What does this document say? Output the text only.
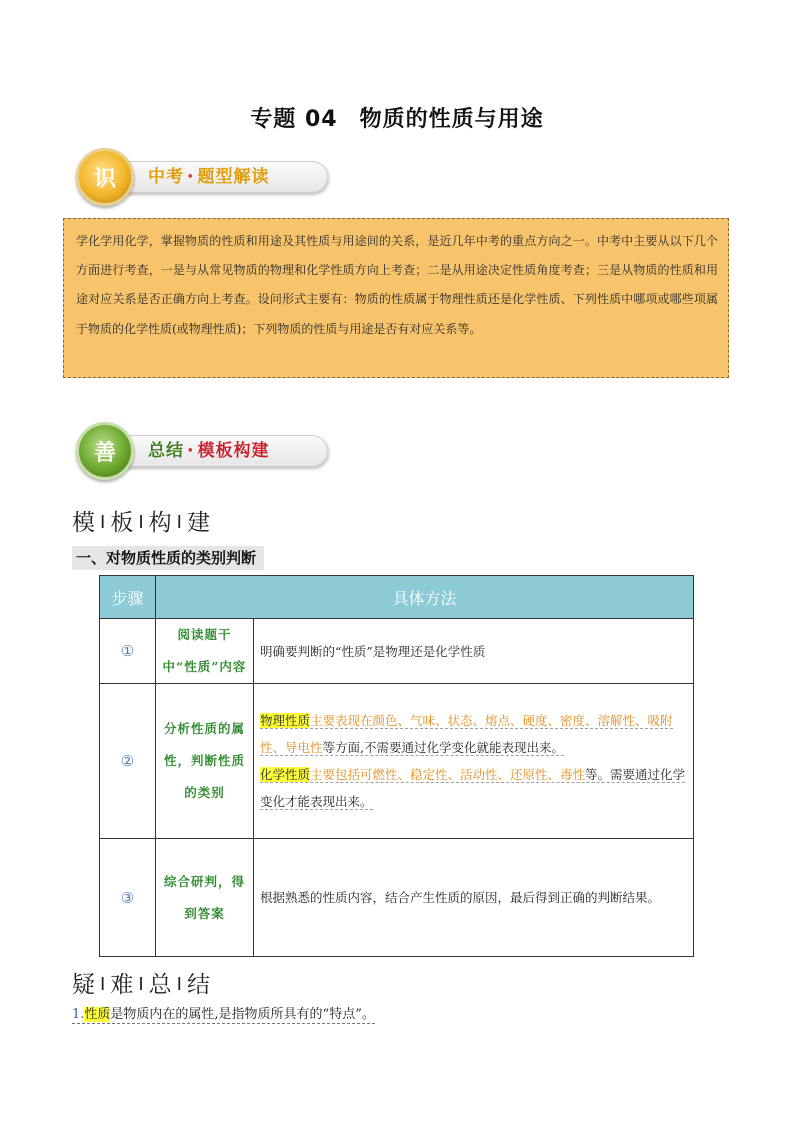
专题 04 物质的性质与用途
识	中考 · 题型解读
学化学用化学，掌握物质的性质和用途及其性质与用途间的关系，是近几年中考的重点方向之一。中考中主要从以下几个方面进行考查，一是与从常见物质的物理和化学性质方向上考查；二是从用途决定性质角度考查；三是从物质的性质和用途对应关系是否正确方向上考查。设问形式主要有：物质的性质属于物理性质还是化学性质、下列性质中哪项或哪些项属于物质的化学性质(或物理性质)；下列物质的性质与用途是否有对应关系等。
善	总结 · 模板构建
模 I 板 I 构 I 建
一、对物质性质的类别判断
步骤	具体方法	
①	阅读题干中“性质”内容	明确要判断的“性质”是物理还是化学性质
②	分析性质的属性，判断性质的类别	物理性质主要表现在颜色、气味、状态、熔点、硬度、密度、溶解性、吸附性、导电性等方面,不需要通过化学变化就能表现出来。
化学性质主要包括可燃性、稳定性、活动性、还原性、毒性等。需要通过化学变化才能表现出来。
③	综合研判，得到答案	根据熟悉的性质内容，结合产生性质的原因，最后得到正确的判断结果。
疑 I 难 I 总 I 结
1.性质是物质内在的属性,是指物质所具有的“特点”。
